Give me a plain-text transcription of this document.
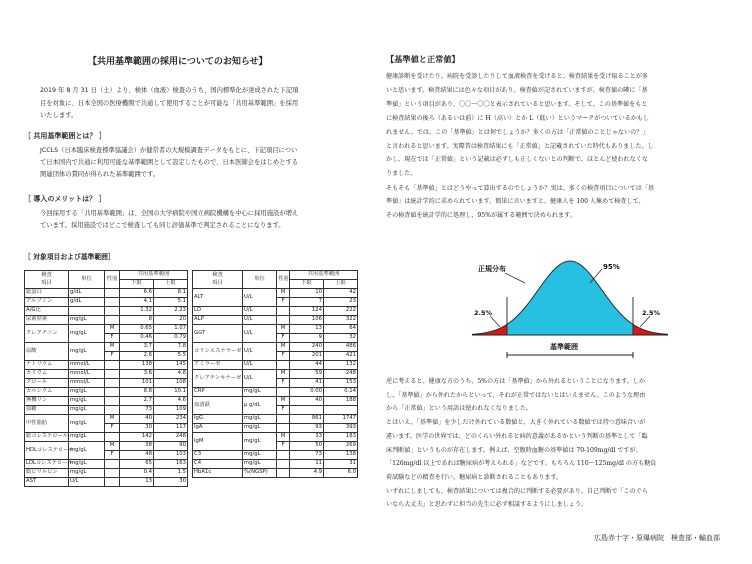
【共用基準範囲の採用についてのお知らせ】
2019 年 8 月 31 日（土）より、検体（血液）検査のうち、国内標準化が達成された下記項
目を対象に、日本全国の医療機関で共通して使用することが可能な「共用基準範囲」を採用
いたします。
［ 共用基準範囲とは？ ］
JCCLS（日本臨床検査標準協議会）が健常者の大規模調査データをもとに、下記項目につい
て日本国内で共通に利用可能な基準範囲として設定したもので、日本医師会をはじめとする
関連団体の賛同が得られた基準範囲です。
［ 導入のメリットは？ ］
今回採用する「共用基準範囲」は、全国の大学病院や国立病院機構を中心に採用施設が増え
ています。採用施設ではどこで検査しても同じ評価基準で判定されることになります。
［ 対象項目および基準範囲］
検査
項目	単位	性別	共用基準範囲	
			下限	上限
総蛋白	g/dL		6.6	8.1
アルブミン	g/dL		4.1	5.1
A/G比			1.32	2.23
尿素窒素	mg/gL		8	20
クレアチニン	mg/gL	M	0.65	1.07
		F	0.46	0.79
尿酸	mg/gL	M	3.7	7.8
		F	2.6	5.5
ナトリウム	mmol/L		138	145
カリウム	mmol/L		3.6	4.8
クロール	mmol/L		101	108
カルシウム	mg/gL		8.8	10.1
無機リン	mg/gL		2.7	4.6
血糖	mg/gL		73	109
中性脂肪	mg/gL	M	40	234
		F	30	117
総コレステロール	mg/gL		142	248
HDLコレステロール	mg/gL	M	38	90
		F	48	103
LDLコレステロール	mg/gL		65	163
総ビリルビン	mg/gL		0.4	1.5
AST	U/L		13	30
検査
項目	単位	性別	共用基準範囲	
			下限	上限
ALT	U/L	M	10	42
		F	7	23
LD	U/L		124	222
ALP	U/L		106	322
GGT	U/L	M	13	64
		F	9	32
コリンエステラーゼ	U/L	M	240	486
		F	201	421
アミラーゼ	U/L		44	132
クレアチンキナーゼ	U/L	M	59	248
		F	41	153
CRP	mg/gL		0.00	0.14
血清鉄	μ g/dL	M	40	188
		F		
IgG	mg/gL		861	1747
IgA	mg/gL		93	393
IgM	mg/gL	M	33	183
		F	50	269
C3	mg/gL		73	138
C4	mg/gL		11	31
HbA1c	%(NGSP)		4.9	6.0
【基準値と正常値】
健康診断を受けたり、病院を受診したりして血液検査を受けると、検査結果を受け取ることが多
いと思います。検査結果には色々な項目があり、検査値が記されていますが、検査値の隣に「基
準値」という項目があり、〇〇～〇〇と表示されていると思います。そして、この基準値をもと
に検査結果の後ろ（あるいは前）に H（高い）とか L（低い）というマークがついているかもし
れません。では、この「基準値」とは何でしょうか？多くの方は「正常値のことじゃないの？」
と言われると思います。実際昔は検査結果にも「正常値」と記載されていた時代もありました。し
かし、現在では「正常値」という記載は必ずしも正しくないとの判断で、ほとんど使われなくな
りました。
そもそも「基準値」とはどうやって算出するのでしょうか？実は、多くの検査項目については「基
準値」は統計学的に求められています。簡単に言いますと、健康人を 100 人集めて検査して、
その検査値を統計学的に処理し、95%が属する範囲で決められます。
正規分布	95%
2.5%	2.5%
基準範囲
逆に考えると、健康な方のうち、5%の方は「基準値」から外れるということになります。しか
し、「基準値」から外れたからといって、それが正常ではないとはいえません。このような理由
から「正常値」という用語は使われなくなりました。
とはいえ、「基準値」を少しだけ外れている数値と、大きく外れている数値では持つ意味合いが
違います。医学の世界では、どのくらい外れると病的意義があるかという判断の基準として「臨
床判断値」というものが存在します。例えば、空腹時血糖の基準値は 70-109mg/dl ですが、
「126mg/dl 以上であれば糖尿病が考えられる」などです。もちろん 110～125mg/dl の方も糖負
荷試験などの精査を行い、糖尿病と診断されることもあります。
いずれにしましても、検査結果については複合的に判断する必要があり、自己判断で「このぐら
いなら大丈夫」と思わずに担当の先生に必ず相談するようにしましょう。
広島赤十字・原爆病院　検査部・輸血部
